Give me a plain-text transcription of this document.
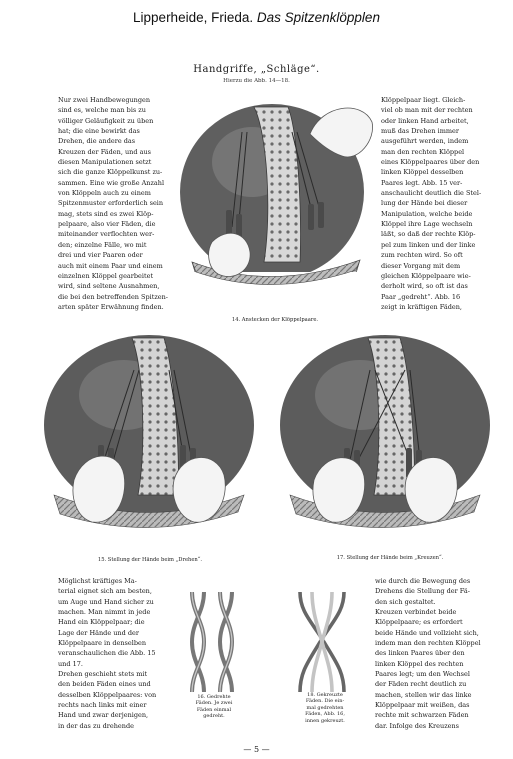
Lipperheide, Frieda. Das Spitzenklöpplen
Handgriffe, „Schläge“.
Hierzu die Abb. 14—18.

Nur zwei Handbewegungen

sind es, welche man bis zu

völliger Geläufigkeit zu üben

hat; die eine bewirkt das

Drehen, die andere das

Kreuzen der Fäden, und aus

diesen Manipulationen setzt

sich die ganze Klöppelkunst zu-

sammen. Eine wie große Anzahl

von Klöppeln auch zu einem

Spitzenmuster erforderlich sein

mag, stets sind es zwei Klöp-

pelpaare, also vier Fäden, die

miteinander verflochten wer-

den; einzelne Fälle, wo mit

drei und vier Paaren oder

auch mit einem Paar und einem

einzelnen Klöppel gearbeitet

wird, sind seltene Ausnahmen,

die bei den betreffenden Spitzen-

arten später Erwähnung finden.

Klöppelpaar liegt. Gleich-

viel ob man mit der rechten

oder linken Hand arbeitet,

muß das Drehen immer

ausgeführt werden, indem

man den rechten Klöppel

eines Klöppelpaares über den

linken Klöppel desselben

Paares legt. Abb. 15 ver-

anschaulicht deutlich die Stel-

lung der Hände bei dieser

Manipulation, welche beide

Klöppel ihre Lage wechseln

läßt, so daß der rechte Klöp-

pel zum linken und der linke

zum rechten wird. So oft

dieser Vorgang mit dem

gleichen Klöppelpaare wie-

derholt wird, so oft ist das

Paar „gedreht“. Abb. 16

zeigt in kräftigen Fäden,

14. Anstecken der Klöppelpaare.
15. Stellung der Hände beim „Drehen“.	17. Stellung der Hände beim „Kreuzen“.

Möglichst kräftiges Ma-

terial eignet sich am besten,

um Auge und Hand sicher zu

machen. Man nimmt in jede

Hand ein Klöppelpaar; die

Lage der Hände und der

Klöppelpaare in denselben

veranschaulichen die Abb. 15

und 17.

Drehen geschieht stets mit

den beiden Fäden eines und

desselben Klöppelpaares: von

rechts nach links mit einer

Hand und zwar derjenigen,

in der das zu drehende

16. Gedrehte
Fäden. Je zwei
Fäden einmal
gedreht.
18. Gekreuzte
Fäden. Die ein-
mal gedrehten
Fäden, Abb. 16,
innen gekreuzt.

wie durch die Bewegung des

Drehens die Stellung der Fä-

den sich gestaltet.

Kreuzen verbindet beide

Klöppelpaare; es erfordert

beide Hände und vollzieht sich,

indem man den rechten Klöppel

des linken Paares über den

linken Klöppel des rechten

Paares legt; um den Wechsel

der Fäden recht deutlich zu

machen, stellen wir das linke

Klöppelpaar mit weißen, das

rechte mit schwarzen Fäden

dar. Infolge des Kreuzens

— 5 —
